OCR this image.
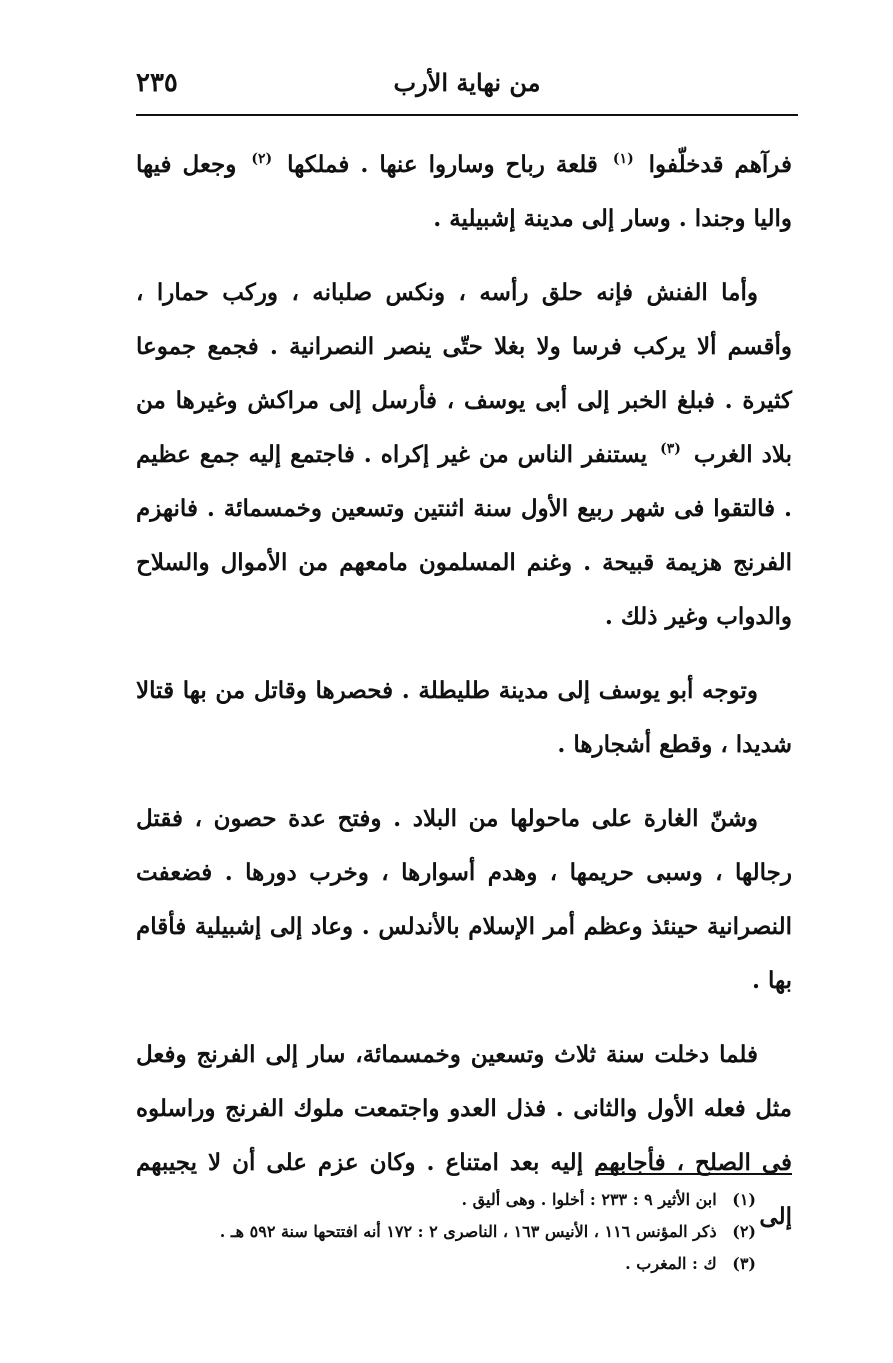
٢٣٥	من نهاية الأرب

فرآهم قدخلّفوا $^{(١)}$ قلعة رباح وساروا عنها . فملكها $^{(٢)}$ وجعل فيها واليا وجندا . وسار إلى مدينة إشبيلية .

وأما الفنش فإنه حلق رأسه ، ونكس صلبانه ، وركب حمارا ، وأقسم ألا يركب فرسا ولا بغلا حتّى ينصر النصرانية . فجمع جموعا كثيرة . فبلغ الخبر إلى أبى يوسف ، فأرسل إلى مراكش وغيرها من بلاد الغرب $^{(٣)}$ يستنفر الناس من غير إكراه . فاجتمع إليه جمع عظيم . فالتقوا فى شهر ربيع الأول سنة اثنتين وتسعين وخمسمائة . فانهزم الفرنج هزيمة قبيحة . وغنم المسلمون مامعهم من الأموال والسلاح والدواب وغير ذلك .

وتوجه أبو يوسف إلى مدينة طليطلة . فحصرها وقاتل من بها قتالا شديدا ، وقطع أشجارها .

وشنّ الغارة على ماحولها من البلاد . وفتح عدة حصون ، فقتل رجالها ، وسبى حريمها ، وهدم أسوارها ، وخرب دورها . فضعفت النصرانية حينئذ وعظم أمر الإسلام بالأندلس . وعاد إلى إشبيلية فأقام بها .

فلما دخلت سنة ثلاث وتسعين وخمسمائة، سار إلى الفرنج وفعل مثل فعله الأول والثانى . فذل العدو واجتمعت ملوك الفرنج وراسلوه فى الصلح ، فأجابهم إليه بعد امتناع . وكان عزم على أن لا يجيبهم إلى

(١) ابن الأثير ٩ : ٢٣٣ : أخلوا . وهى أليق .
(٢) ذكر المؤنس ١١٦ ، الأنيس ١٦٣ ، الناصرى ٢ : ١٧٢ أنه افتتحها سنة ٥٩٢ هـ .
(٣) ك : المغرب .
